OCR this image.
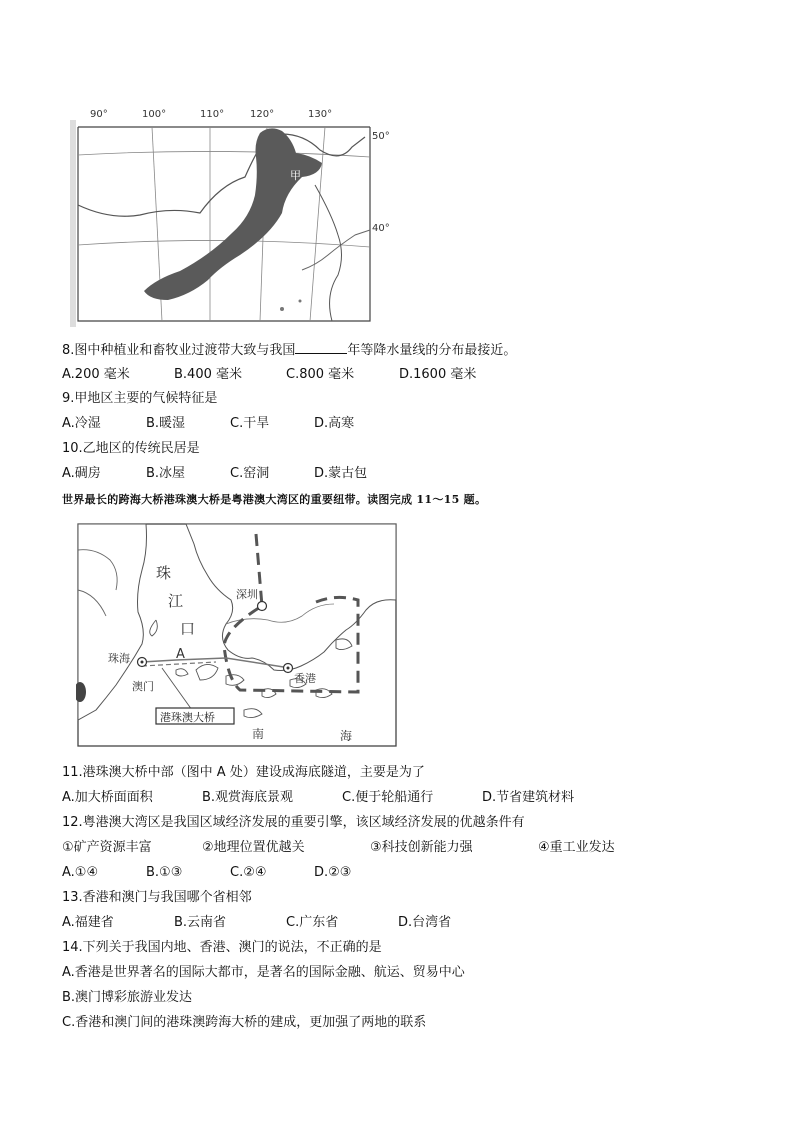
90°	100°	110°	120°	130°
50°
40°
甲
8.图中种植业和畜牧业过渡带大致与我国	年等降水量线的分布最接近。
A.200 毫米	B.400 毫米	C.800 毫米	D.1600 毫米
9.甲地区主要的气候特征是
A.冷湿	B.暖湿	C.干旱	D.高寒
10.乙地区的传统民居是
A.碉房	B.冰屋	C.窑洞	D.蒙古包
世界最长的跨海大桥港珠澳大桥是粤港澳大湾区的重要纽带。读图完成 11～15 题。
珠
江
口
A
深圳
珠海
澳门
香港
港珠澳大桥
南	海
11.港珠澳大桥中部（图中 A 处）建设成海底隧道，主要是为了
A.加大桥面面积	B.观赏海底景观	C.便于轮船通行	D.节省建筑材料
12.粤港澳大湾区是我国区域经济发展的重要引擎，该区域经济发展的优越条件有
①矿产资源丰富	②地理位置优越关	③科技创新能力强	④重工业发达
A.①④	B.①③	C.②④	D.②③
13.香港和澳门与我国哪个省相邻
A.福建省	B.云南省	C.广东省	D.台湾省
14.下列关于我国内地、香港、澳门的说法，不正确的是
A.香港是世界著名的国际大都市，是著名的国际金融、航运、贸易中心
B.澳门博彩旅游业发达
C.香港和澳门间的港珠澳跨海大桥的建成，更加强了两地的联系
